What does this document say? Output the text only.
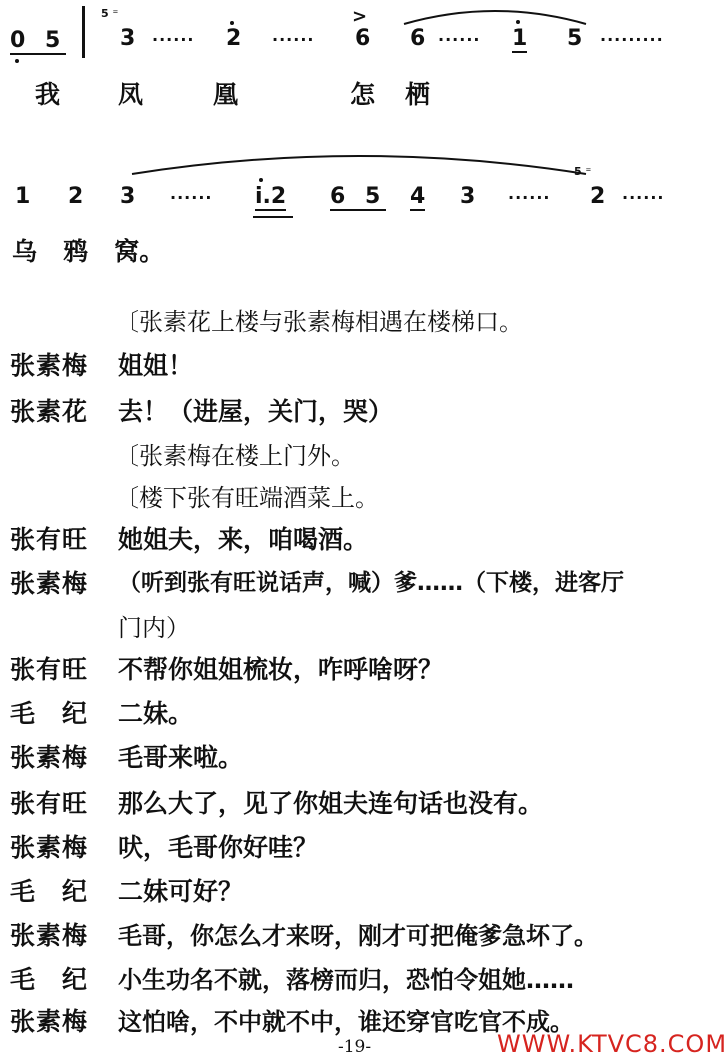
0 5
5 ⁼
3 ······ 2 ······
>
6 6 ······ 1 5 ·········
我 凤	凰	怎 栖
1 2 3 ······ i.2 6 5 4 3 ······
5 ⁼
2 ······
乌   鸦   窝。
〔张素花上楼与张素梅相遇在楼梯口。
张素梅 姐姐！
张素花 去！（进屋，关门，哭）
〔张素梅在楼上门外。
〔楼下张有旺端酒菜上。
张有旺 她姐夫，来，咱喝酒。
张素梅 （听到张有旺说话声，喊）爹……（下楼，进客厅
门内）
张有旺 不帮你姐姐梳妆，咋呼啥呀？
毛　纪 二妹。
张素梅 毛哥来啦。
张有旺 那么大了，见了你姐夫连句话也没有。
张素梅 吠，毛哥你好哇？
毛　纪 二妹可好？
张素梅 毛哥，你怎么才来呀，刚才可把俺爹急坏了。
毛　纪 小生功名不就，落榜而归，恐怕令姐她……
张素梅 这怕啥，不中就不中，谁还穿官吃官不成。
-19-	WWW.KTVC8.COM
